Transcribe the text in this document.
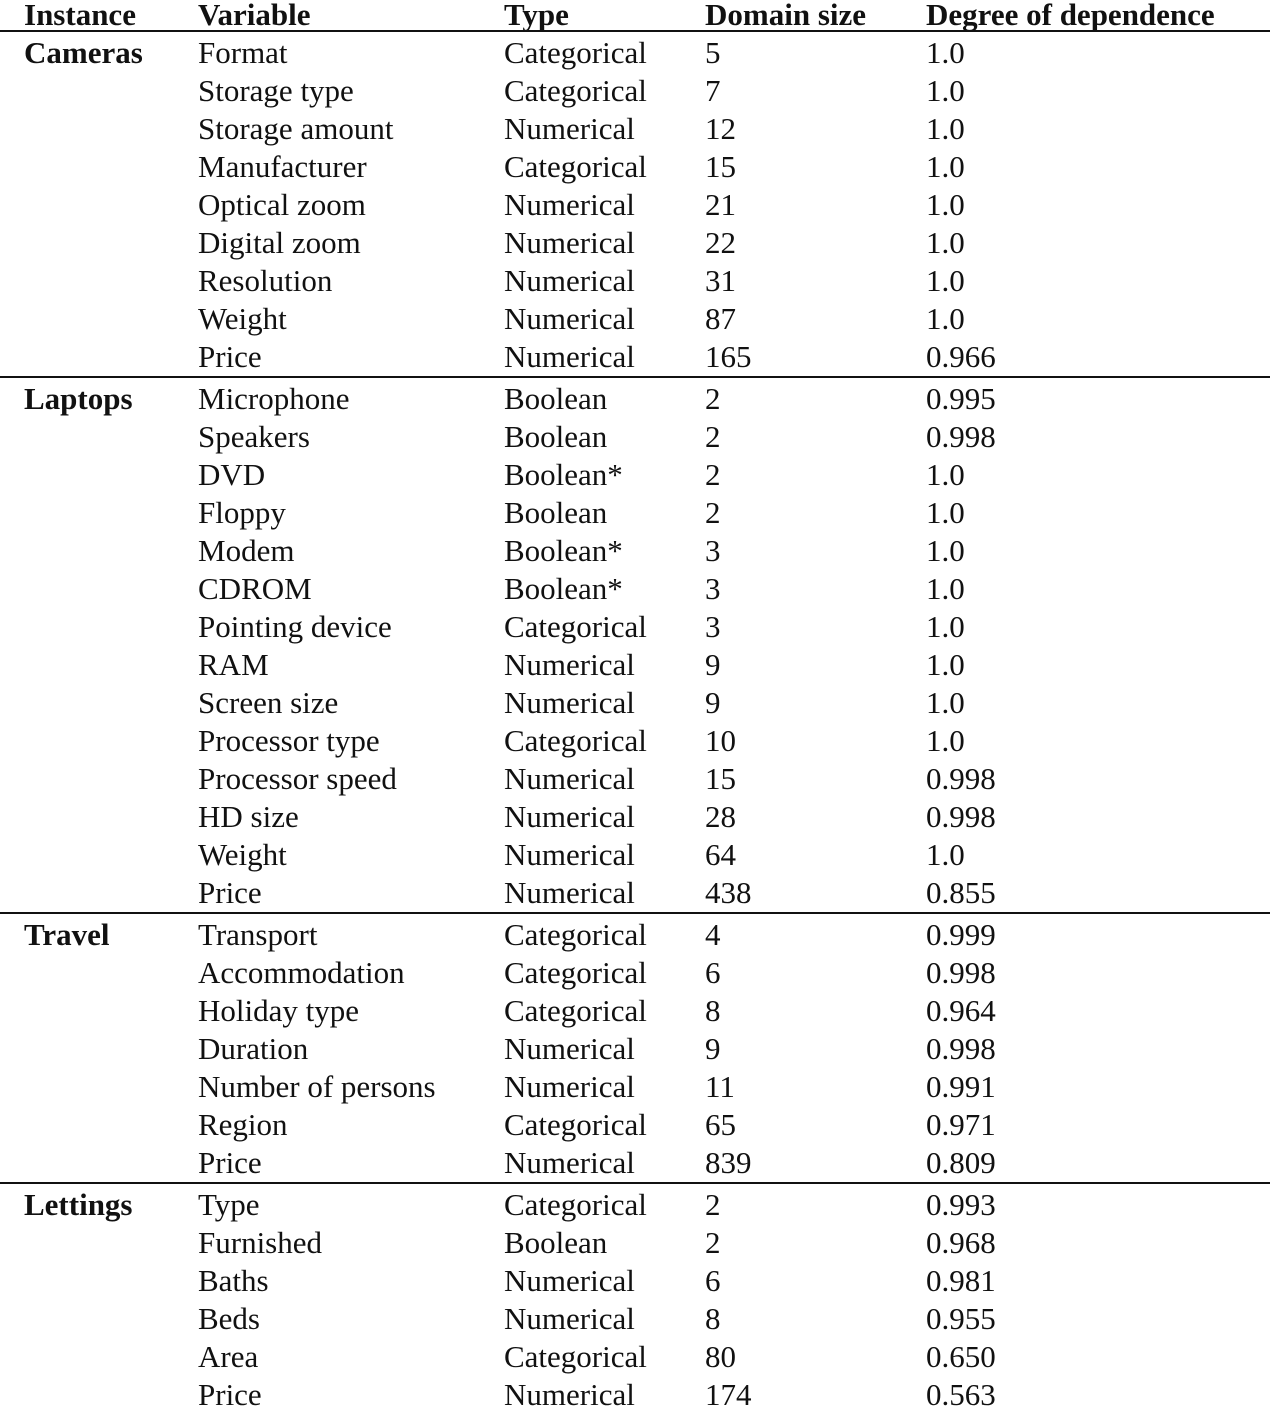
Instance	Variable	Type	Domain size	Degree of dependence
Cameras	Format	Categorical	5	1.0
	Storage type	Categorical	7	1.0
	Storage amount	Numerical	12	1.0
	Manufacturer	Categorical	15	1.0
	Optical zoom	Numerical	21	1.0
	Digital zoom	Numerical	22	1.0
	Resolution	Numerical	31	1.0
	Weight	Numerical	87	1.0
	Price	Numerical	165	0.966
Laptops	Microphone	Boolean	2	0.995
	Speakers	Boolean	2	0.998
	DVD	Boolean*	2	1.0
	Floppy	Boolean	2	1.0
	Modem	Boolean*	3	1.0
	CDROM	Boolean*	3	1.0
	Pointing device	Categorical	3	1.0
	RAM	Numerical	9	1.0
	Screen size	Numerical	9	1.0
	Processor type	Categorical	10	1.0
	Processor speed	Numerical	15	0.998
	HD size	Numerical	28	0.998
	Weight	Numerical	64	1.0
	Price	Numerical	438	0.855
Travel	Transport	Categorical	4	0.999
	Accommodation	Categorical	6	0.998
	Holiday type	Categorical	8	0.964
	Duration	Numerical	9	0.998
	Number of persons	Numerical	11	0.991
	Region	Categorical	65	0.971
	Price	Numerical	839	0.809
Lettings	Type	Categorical	2	0.993
	Furnished	Boolean	2	0.968
	Baths	Numerical	6	0.981
	Beds	Numerical	8	0.955
	Area	Categorical	80	0.650
	Price	Numerical	174	0.563
